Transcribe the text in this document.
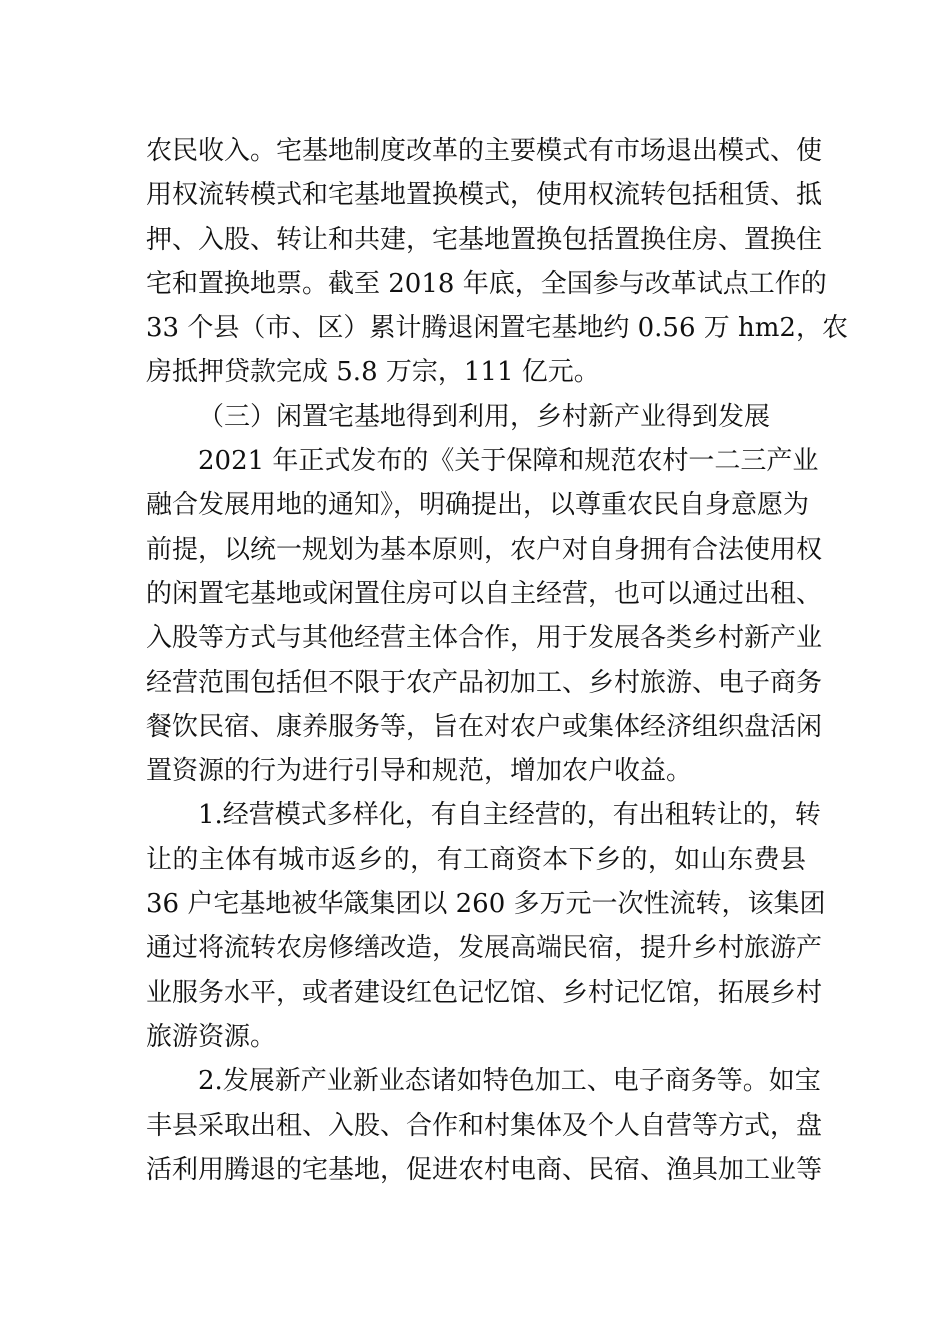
农民收入。宅基地制度改革的主要模式有市场退出模式、使
用权流转模式和宅基地置换模式，使用权流转包括租赁、抵
押、入股、转让和共建，宅基地置换包括置换住房、置换住
宅和置换地票。截至 2018 年底，全国参与改革试点工作的
33 个县（市、区）累计腾退闲置宅基地约 0.56 万 hm2，农
房抵押贷款完成 5.8 万宗，111 亿元。
（三）闲置宅基地得到利用，乡村新产业得到发展
2021 年正式发布的《关于保障和规范农村一二三产业
融合发展用地的通知》，明确提出，以尊重农民自身意愿为
前提，以统一规划为基本原则，农户对自身拥有合法使用权
的闲置宅基地或闲置住房可以自主经营，也可以通过出租、
入股等方式与其他经营主体合作，用于发展各类乡村新产业
经营范围包括但不限于农产品初加工、乡村旅游、电子商务
餐饮民宿、康养服务等，旨在对农户或集体经济组织盘活闲
置资源的行为进行引导和规范，增加农户收益。
1.经营模式多样化，有自主经营的，有出租转让的，转
让的主体有城市返乡的，有工商资本下乡的，如山东费县
36 户宅基地被华箴集团以 260 多万元一次性流转，该集团
通过将流转农房修缮改造，发展高端民宿，提升乡村旅游产
业服务水平，或者建设红色记忆馆、乡村记忆馆，拓展乡村
旅游资源。
2.发展新产业新业态诸如特色加工、电子商务等。如宝
丰县采取出租、入股、合作和村集体及个人自营等方式，盘
活利用腾退的宅基地，促进农村电商、民宿、渔具加工业等
